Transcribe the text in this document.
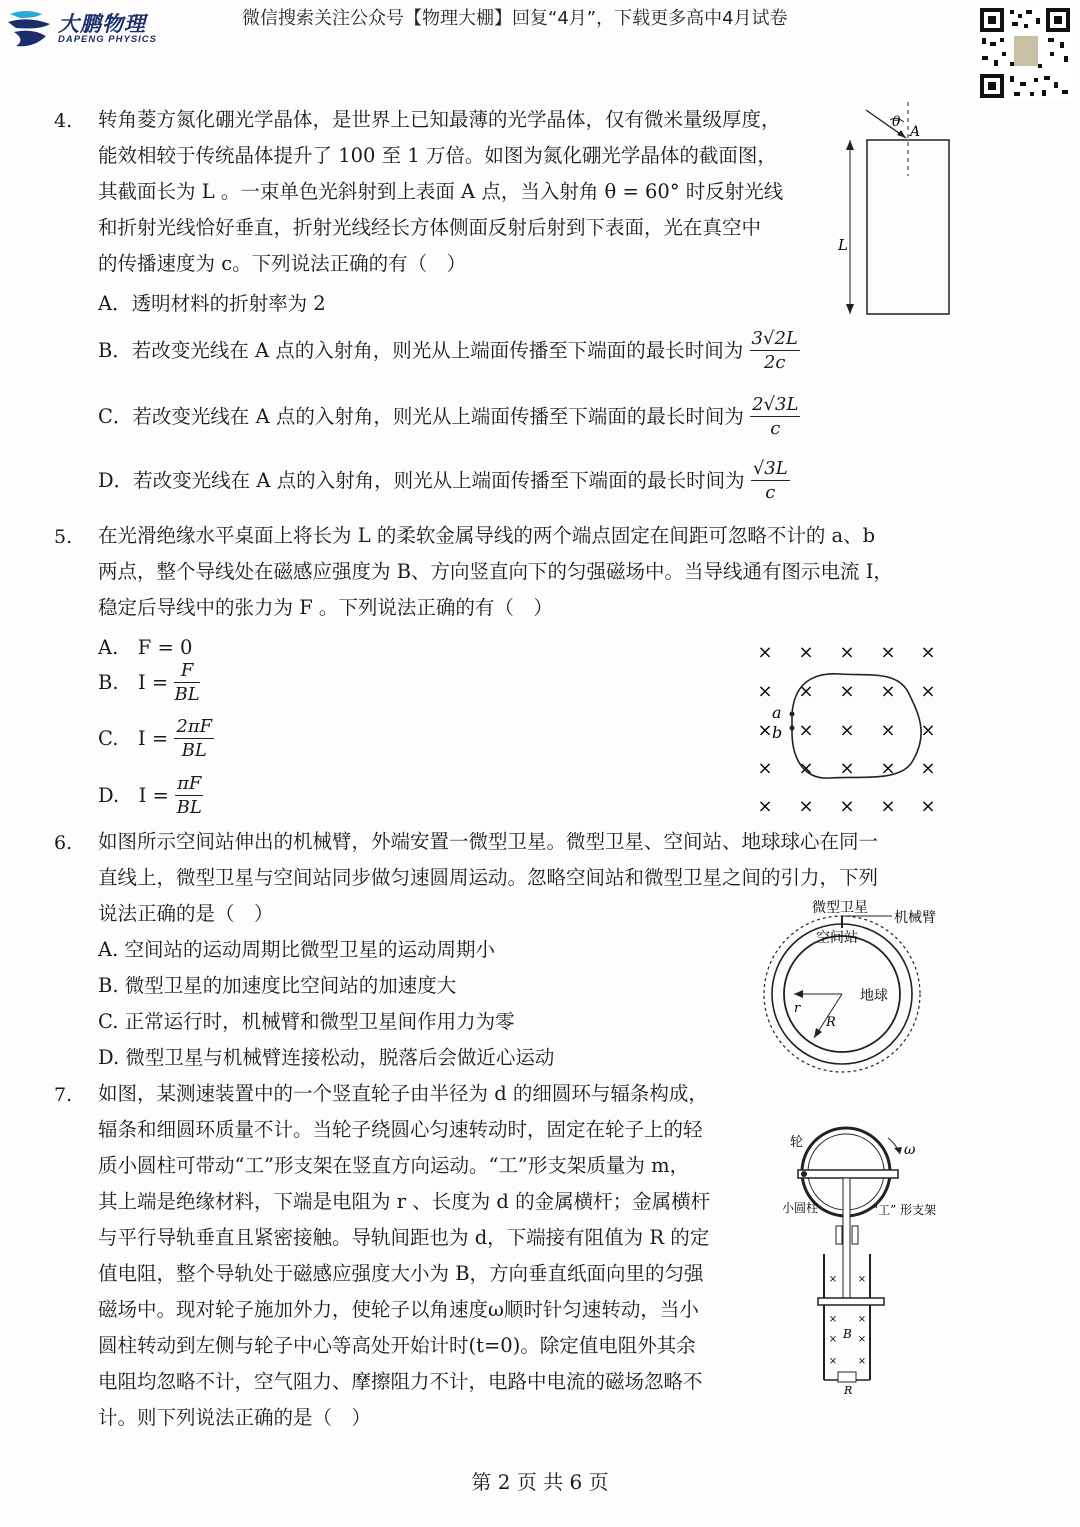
大鹏物理
DAPENG PHYSICS
微信搜索关注公众号【物理大棚】回复“4月”，下载更多高中4月试卷
4. 转角菱方氮化硼光学晶体，是世界上已知最薄的光学晶体，仅有微米量级厚度，
能效相较于传统晶体提升了 100 至 1 万倍。如图为氮化硼光学晶体的截面图，
其截面长为 L 。一束单色光斜射到上表面 A 点，当入射角 θ = 60° 时反射光线
和折射光线恰好垂直，折射光线经长方体侧面反射后射到下表面，光在真空中
的传播速度为 c。下列说法正确的有（　）
A．透明材料的折射率为 2
B．若改变光线在 A 点的入射角，则光从上端面传播至下端面的最长时间为 $\frac{3√2L}{2c}$
C．若改变光线在 A 点的入射角，则光从上端面传播至下端面的最长时间为 $\frac{2√3L}{c}$
D．若改变光线在 A 点的入射角，则光从上端面传播至下端面的最长时间为 $\frac{√3L}{c}$
θ
A
L
5. 在光滑绝缘水平桌面上将长为 L 的柔软金属导线的两个端点固定在间距可忽略不计的 a、b
两点，整个导线处在磁感应强度为 B、方向竖直向下的匀强磁场中。当导线通有图示电流 I，
稳定后导线中的张力为 F 。下列说法正确的有（　）
A.　F = 0
B.　$I = \frac{F}{BL}$
C.　$I = \frac{2\pi F}{BL}$
D.　$I = \frac{\pi F}{BL}$
× × × × ×
× × × × ×
× × × × ×
× × × × ×
× × × × ×
a
b
6. 如图所示空间站伸出的机械臂，外端安置一微型卫星。微型卫星、空间站、地球球心在同一
直线上，微型卫星与空间站同步做匀速圆周运动。忽略空间站和微型卫星之间的引力，下列
说法正确的是（　）
A. 空间站的运动周期比微型卫星的运动周期小
B. 微型卫星的加速度比空间站的加速度大
C. 正常运行时，机械臂和微型卫星间作用力为零
D. 微型卫星与机械臂连接松动，脱落后会做近心运动
微型卫星
机械臂
空间站
地球
r
R
7. 如图，某测速装置中的一个竖直轮子由半径为 d 的细圆环与辐条构成，
辐条和细圆环质量不计。当轮子绕圆心匀速转动时，固定在轮子上的轻
质小圆柱可带动“工”形支架在竖直方向运动。“工”形支架质量为 m，
其上端是绝缘材料，下端是电阻为 r 、长度为 d 的金属横杆；金属横杆
与平行导轨垂直且紧密接触。导轨间距也为 d，下端接有阻值为 R 的定
值电阻，整个导轨处于磁感应强度大小为 B，方向垂直纸面向里的匀强
磁场中。现对轮子施加外力，使轮子以角速度ω顺时针匀速转动，当小
圆柱转动到左侧与轮子中心等高处开始计时(t=0)。除定值电阻外其余
电阻均忽略不计，空气阻力、摩擦阻力不计，电路中电流的磁场忽略不
计。则下列说法正确的是（　）
× ×
× ×
× ×
× ×
轮	ω
小圆柱	“工” 形支架
B
R
第 2 页 共 6 页
